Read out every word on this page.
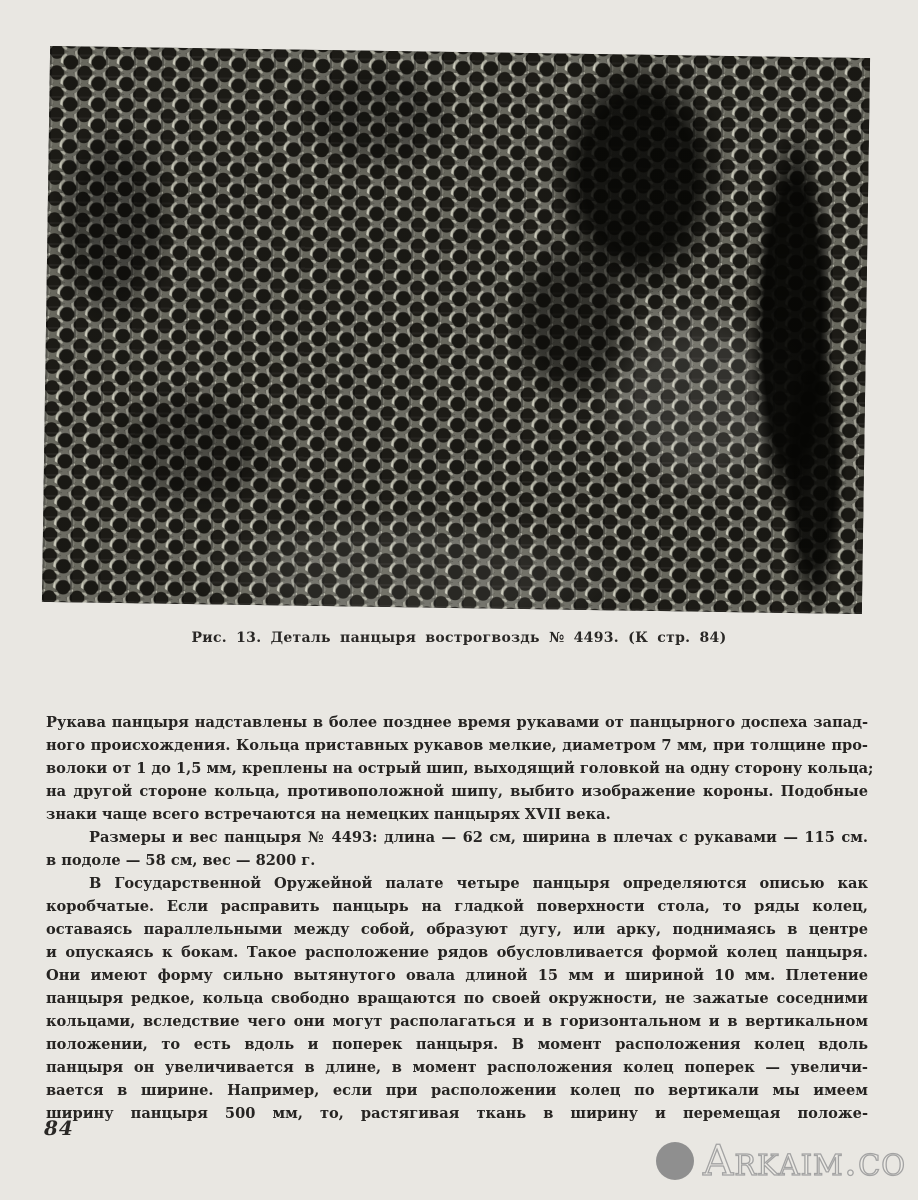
Рис. 13. Деталь панцыря вострогвоздь № 4493. (К стр. 84)
Рукава панцыря надставлены в более позднее время рукавами от панцырного доспеха запад-
ного происхождения. Кольца приставных рукавов мелкие, диаметром 7 мм, при толщине про-
волоки от 1 до 1,5 мм, креплены на острый шип, выходящий головкой на одну сторону кольца;
на другой стороне кольца, противоположной шипу, выбито изображение короны. Подобные
знаки чаще всего встречаются на немецких панцырях XVII века.
Размеры и вес панцыря № 4493: длина — 62 см, ширина в плечах с рукавами — 115 см.
в подоле — 58 см, вес — 8200 г.
В Государственной Оружейной палате четыре панцыря определяются описью как
коробчатые. Если расправить панцырь на гладкой поверхности стола, то ряды колец,
оставаясь параллельными между собой, образуют дугу, или арку, поднимаясь в центре
и опускаясь к бокам. Такое расположение рядов обусловливается формой колец панцыря.
Они имеют форму сильно вытянутого овала длиной 15 мм и шириной 10 мм. Плетение
панцыря редкое, кольца свободно вращаются по своей окружности, не зажатые соседними
кольцами, вследствие чего они могут располагаться и в горизонтальном и в вертикальном
положении, то есть вдоль и поперек панцыря. В момент расположения колец вдоль
панцыря он увеличивается в длине, в момент расположения колец поперек — увеличи-
вается в ширине. Например, если при расположении колец по вертикали мы имеем
ширину панцыря 500 мм, то, растягивая ткань в ширину и перемещая положе-
84
Arkaim.co
